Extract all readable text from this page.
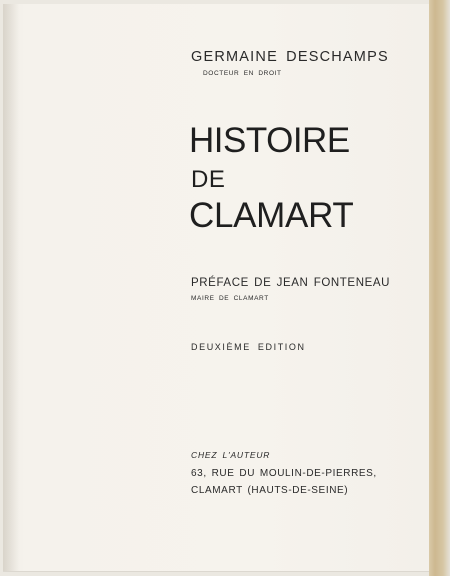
GERMAINE DESCHAMPS

DOCTEUR EN DROIT

HISTOIRE

DE

CLAMART

PRÉFACE DE JEAN FONTENEAU

MAIRE DE CLAMART

DEUXIÈME EDITION

CHEZ L'AUTEUR

63, RUE DU MOULIN-DE-PIERRES,

CLAMART (HAUTS-DE-SEINE)
